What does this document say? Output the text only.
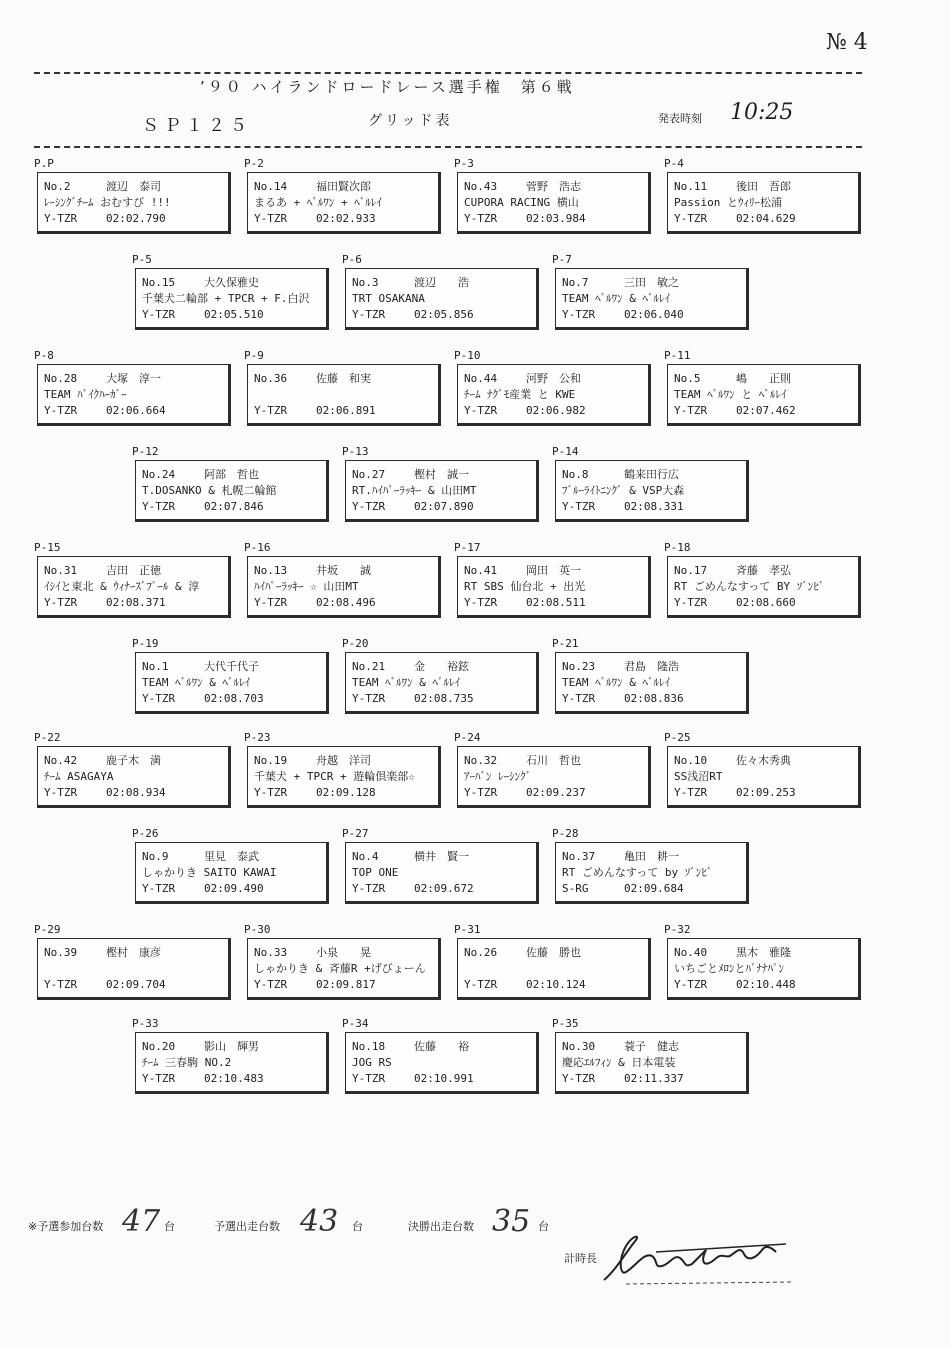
№ 4
’９０ ハイランドロードレース選手権　第６戦
ＳＰ１２５	グリッド表	発表時刻 10:25
P.P
No.2	渡辺　泰司
ﾚｰｼﾝｸﾞﾁｰﾑ おむすび !!!
Y-TZR	02:02.790
P-2
No.14	福田賢次郎
まるあ + ﾍﾞﾙﾜﾝ + ﾍﾞﾙﾚｲ
Y-TZR	02:02.933
P-3
No.43	菅野　浩志
CUPORA RACING 横山
Y-TZR	02:03.984
P-4
No.11	後田　吾郎
Passion とｳｨﾘｰ松浦
Y-TZR	02:04.629
P-5
No.15	大久保雅史
千葉犬二輪部 + TPCR + F.白沢
Y-TZR	02:05.510
P-6
No.3	渡辺　　浩
TRT OSAKANA
Y-TZR	02:05.856
P-7
No.7	三田　敏之
TEAM ﾍﾞﾙﾜﾝ & ﾍﾞﾙﾚｲ
Y-TZR	02:06.040
P-8
No.28	大塚　淳一
TEAM ﾊﾞｲｸﾊｰｶﾞｰ
Y-TZR	02:06.664
P-9
No.36	佐藤　和実
Y-TZR	02:06.891
P-10
No.44	河野　公和
ﾁｰﾑ ﾅｸﾞﾓ産業 と KWE
Y-TZR	02:06.982
P-11
No.5	嶋　　正則
TEAM ﾍﾞﾙﾜﾝ と ﾍﾞﾙﾚｲ
Y-TZR	02:07.462
P-12
No.24	阿部　哲也
T.DOSANKO & 札幌二輪館
Y-TZR	02:07.846
P-13
No.27	樫村　誠一
RT.ﾊｲﾊﾟｰﾗｯｷｰ & 山田MT
Y-TZR	02:07.890
P-14
No.8	鶴来田行広
ﾌﾞﾙｰﾗｲﾄﾆﾝｸﾞ & VSP大森
Y-TZR	02:08.331
P-15
No.31	吉田　正徳
ｲｼｲと東北 & ｳｨﾅｰｽﾞﾌﾟｰﾙ & 淳
Y-TZR	02:08.371
P-16
No.13	井坂　　誠
ﾊｲﾊﾟｰﾗｯｷｰ ☆ 山田MT
Y-TZR	02:08.496
P-17
No.41	岡田　英一
RT SBS 仙台北 + 出光
Y-TZR	02:08.511
P-18
No.17	斉藤　孝弘
RT ごめんなすって BY ｿﾞﾝﾋﾞ
Y-TZR	02:08.660
P-19
No.1	大代千代子
TEAM ﾍﾞﾙﾜﾝ & ﾍﾞﾙﾚｲ
Y-TZR	02:08.703
P-20
No.21	金　　裕鉉
TEAM ﾍﾞﾙﾜﾝ & ﾍﾞﾙﾚｲ
Y-TZR	02:08.735
P-21
No.23	君島　隆浩
TEAM ﾍﾞﾙﾜﾝ & ﾍﾞﾙﾚｲ
Y-TZR	02:08.836
P-22
No.42	鹿子木　満
ﾁｰﾑ ASAGAYA
Y-TZR	02:08.934
P-23
No.19	舟越　洋司
千葉犬 + TPCR + 遊輪倶楽部☆
Y-TZR	02:09.128
P-24
No.32	石川　哲也
ｱｰﾊﾞﾝ ﾚｰｼﾝｸﾞ
Y-TZR	02:09.237
P-25
No.10	佐々木秀典
SS浅沼RT
Y-TZR	02:09.253
P-26
No.9	里見　泰武
しゃかりき SAITO KAWAI
Y-TZR	02:09.490
P-27
No.4	横井　賢一
TOP ONE
Y-TZR	02:09.672
P-28
No.37	亀田　耕一
RT ごめんなすって by ｿﾞﾝﾋﾞ
S-RG	02:09.684
P-29
No.39	樫村　康彦
Y-TZR	02:09.704
P-30
No.33	小泉　　晃
しゃかりき & 斉藤R +げびょーん
Y-TZR	02:09.817
P-31
No.26	佐藤　勝也
Y-TZR	02:10.124
P-32
No.40	黒木　雅隆
いちごとﾒﾛﾝとﾊﾞﾅﾅﾊﾟﾝ
Y-TZR	02:10.448
P-33
No.20	影山　輝男
ﾁｰﾑ 三春駒 NO.2
Y-TZR	02:10.483
P-34
No.18	佐藤　　裕
JOG RS
Y-TZR	02:10.991
P-35
No.30	蓑子　健志
慶応ｴﾙﾌｨﾝ & 日本電装
Y-TZR	02:11.337
※予選参加台数 47 台	予選出走台数 43 台	決勝出走台数 35 台
計時長
